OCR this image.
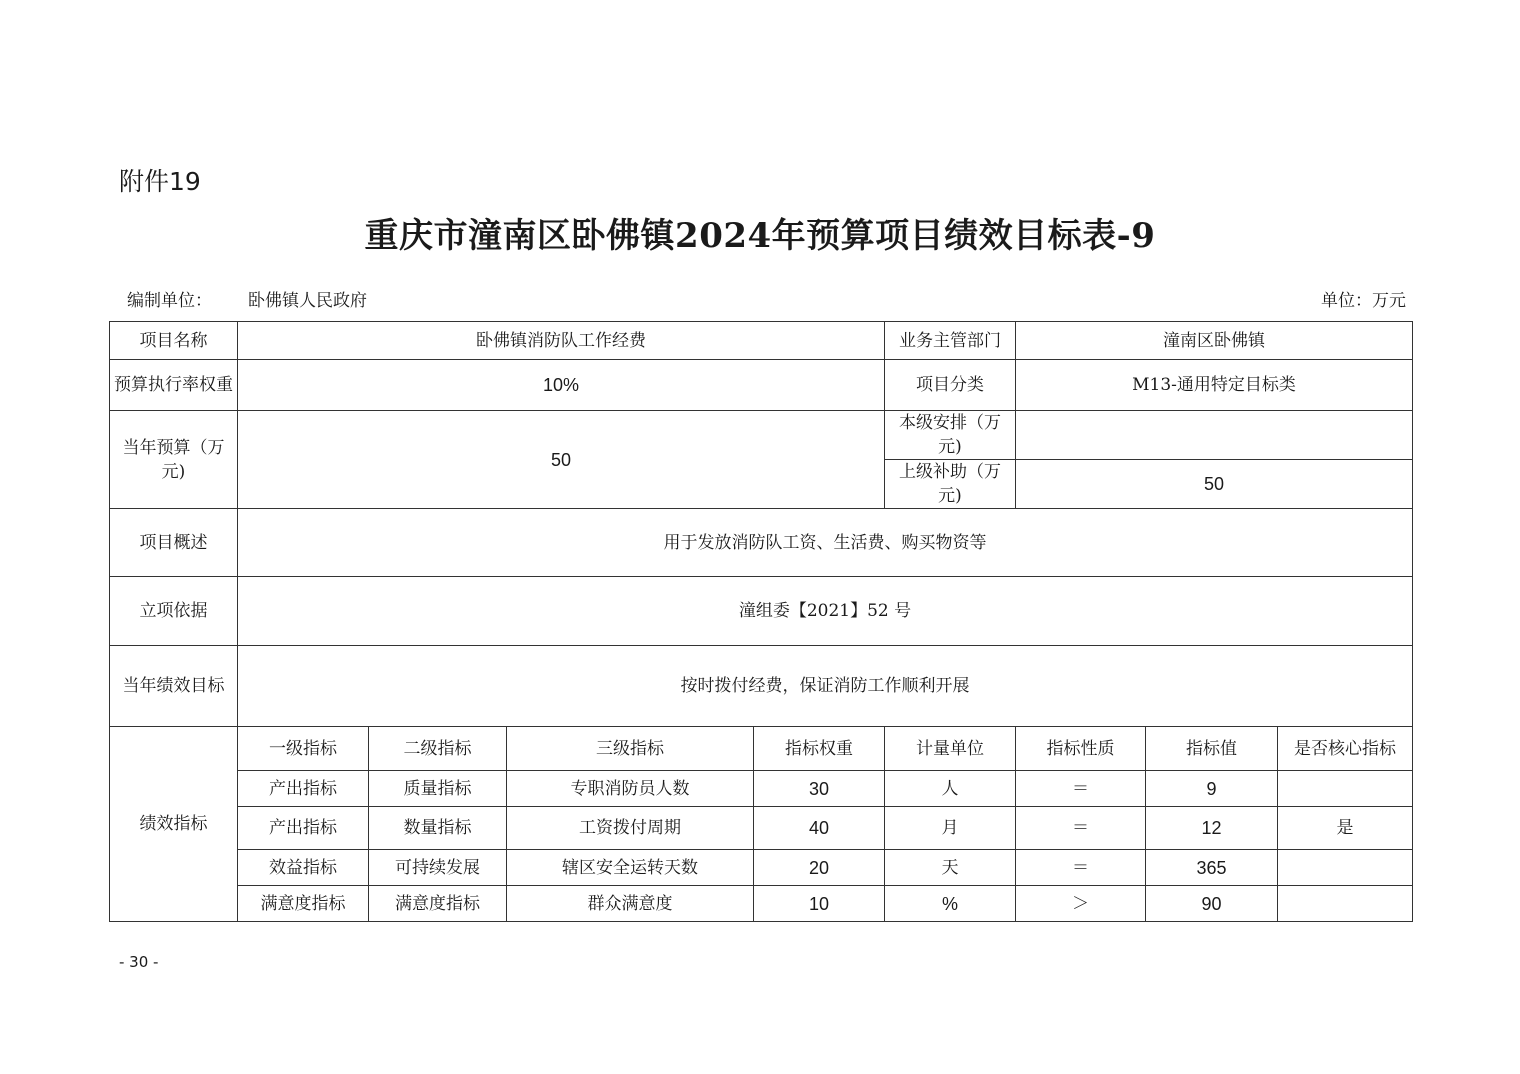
附件19
重庆市潼南区卧佛镇2024年预算项目绩效目标表-9
编制单位： 卧佛镇人民政府	单位：万元
项目名称	卧佛镇消防队工作经费				业务主管部门	潼南区卧佛镇		
预算执行率权重	10%				项目分类	M13-通用特定目标类		
当年预算（万元)	50				本级安排（万元)			
					上级补助（万元)	50		
项目概述	用于发放消防队工资、生活费、购买物资等							
立项依据	潼组委【2021】52 号							
当年绩效目标	按时拨付经费，保证消防工作顺利开展							
绩效指标	一级指标	二级指标	三级指标	指标权重	计量单位	指标性质	指标值	是否核心指标
	产出指标	质量指标	专职消防员人数	30	人	＝	9	
	产出指标	数量指标	工资拨付周期	40	月	＝	12	是
	效益指标	可持续发展	辖区安全运转天数	20	天	＝	365	
	满意度指标	满意度指标	群众满意度	10	%	＞	90	
- 30 -
